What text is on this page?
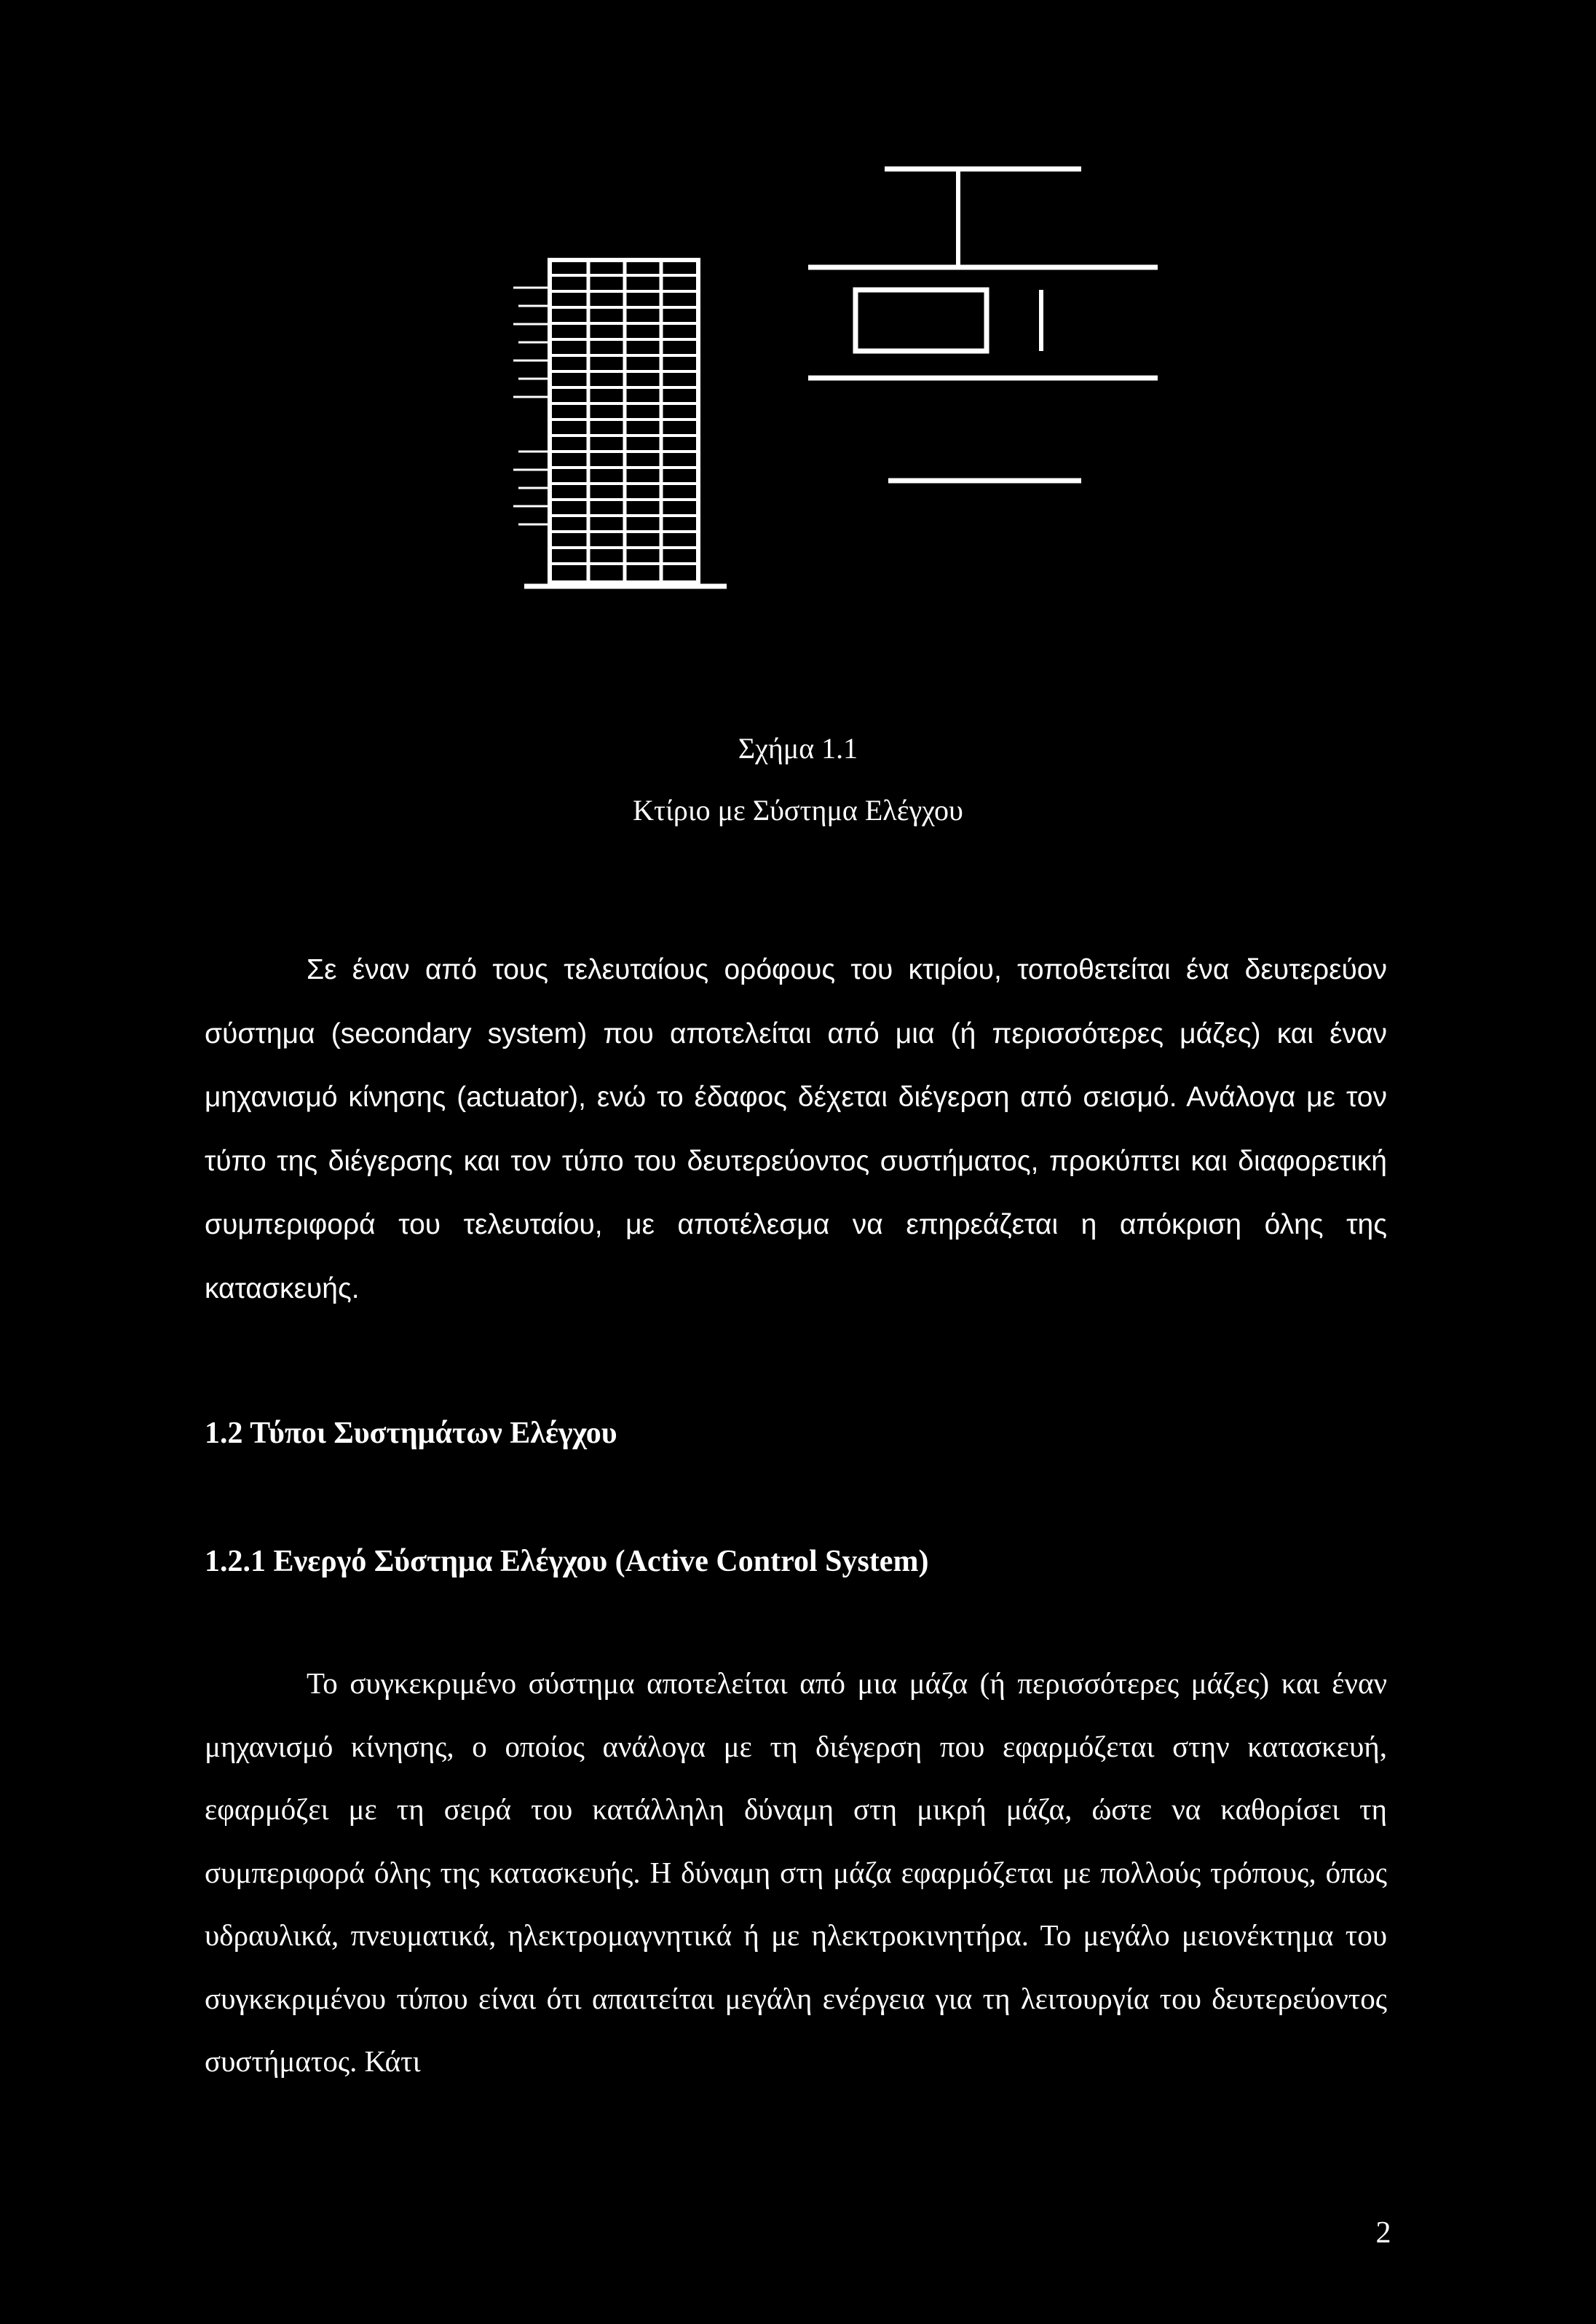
Σχήμα 1.1

Κτίριο με Σύστημα Ελέγχου

Σε έναν από τους τελευταίους ορόφους του κτιρίου, τοποθετείται ένα δευτερεύον σύστημα (secondary system) που αποτελείται από μια (ή περισσότερες μάζες) και έναν μηχανισμό κίνησης (actuator), ενώ το έδαφος δέχεται διέγερση από σεισμό. Ανάλογα με τον τύπο της διέγερσης και τον τύπο του δευτερεύοντος συστήματος, προκύπτει και διαφορετική συμπεριφορά του τελευταίου, με αποτέλεσμα να επηρεάζεται η απόκριση όλης της κατασκευής.

1.2 Τύποι Συστημάτων Ελέγχου
1.2.1 Ενεργό Σύστημα Ελέγχου (Active Control System)

Το συγκεκριμένο σύστημα αποτελείται από μια μάζα (ή περισσότερες μάζες) και έναν μηχανισμό κίνησης, ο οποίος ανάλογα με τη διέγερση που εφαρμόζεται στην κατασκευή, εφαρμόζει με τη σειρά του κατάλληλη δύναμη στη μικρή μάζα, ώστε να καθορίσει τη συμπεριφορά όλης της κατασκευής. Η δύναμη στη μάζα εφαρμόζεται με πολλούς τρόπους, όπως υδραυλικά, πνευματικά, ηλεκτρομαγνητικά ή με ηλεκτροκινητήρα. Το μεγάλο μειονέκτημα του συγκεκριμένου τύπου είναι ότι απαιτείται μεγάλη ενέργεια για τη λειτουργία του δευτερεύοντος συστήματος. Κάτι

2
